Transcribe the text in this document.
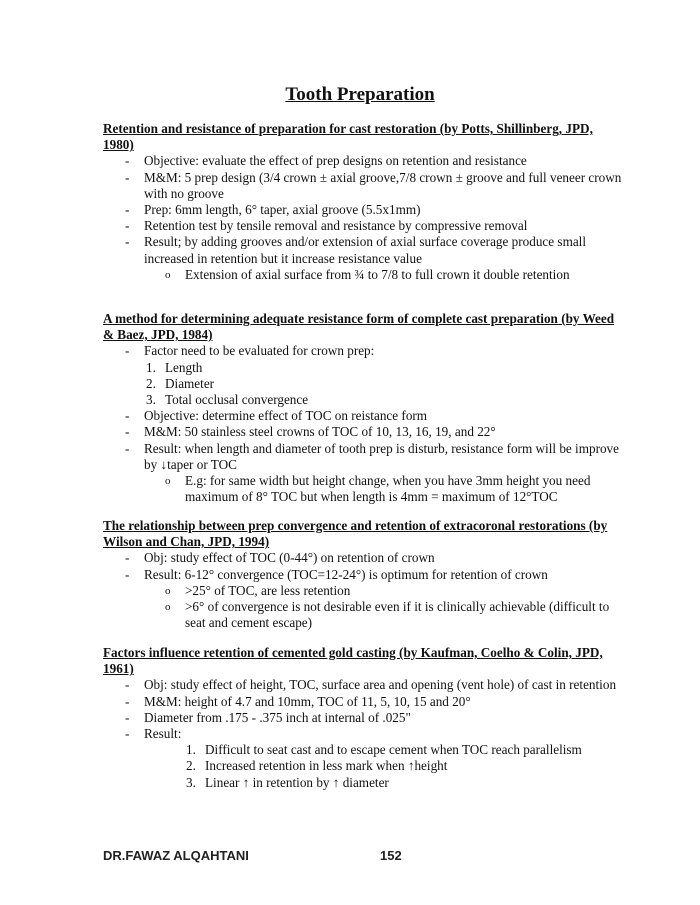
Tooth Preparation

Retention and resistance of preparation for cast restoration (by Potts, Shillinberg, JPD, 1980)

- Objective: evaluate the effect of prep designs on retention and resistance
- M&M: 5 prep design (3/4 crown ± axial groove,7/8 crown ± groove and full veneer crown with no groove
- Prep: 6mm length, 6° taper, axial groove (5.5x1mm)
- Retention test by tensile removal and resistance by compressive removal
- Result; by adding grooves and/or extension of axial surface coverage produce small increased in retention but it increase resistance value
o Extension of axial surface from ¾ to 7/8 to full crown it double retention

A method for determining adequate resistance form of complete cast preparation (by Weed & Baez, JPD, 1984)

- Factor need to be evaluated for crown prep:
1. Length
2. Diameter
3. Total occlusal convergence
- Objective: determine effect of TOC on reistance form
- M&M: 50 stainless steel crowns of TOC of 10, 13, 16, 19, and 22°
- Result: when length and diameter of tooth prep is disturb, resistance form will be improve by ↓taper or TOC
o E.g: for same width but height change, when you have 3mm height you need maximum of 8° TOC but when length is 4mm = maximum of 12°TOC

The relationship between prep convergence and retention of extracoronal restorations (by Wilson and Chan, JPD, 1994)

- Obj: study effect of TOC (0-44°) on retention of crown
- Result: 6-12° convergence (TOC=12-24°) is optimum for retention of crown
o >25° of TOC, are less retention
o >6° of convergence is not desirable even if it is clinically achievable (difficult to seat and cement escape)

Factors influence retention of cemented gold casting (by Kaufman, Coelho & Colin, JPD, 1961)

- Obj: study effect of height, TOC, surface area and opening (vent hole) of cast in retention
- M&M: height of 4.7 and 10mm, TOC of 11, 5, 10, 15 and 20°
- Diameter from .175 - .375 inch at internal of .025"
- Result:
1. Difficult to seat cast and to escape cement when TOC reach parallelism
2. Increased retention in less mark when ↑height
3. Linear ↑ in retention by ↑ diameter
DR.FAWAZ ALQAHTANI	152
